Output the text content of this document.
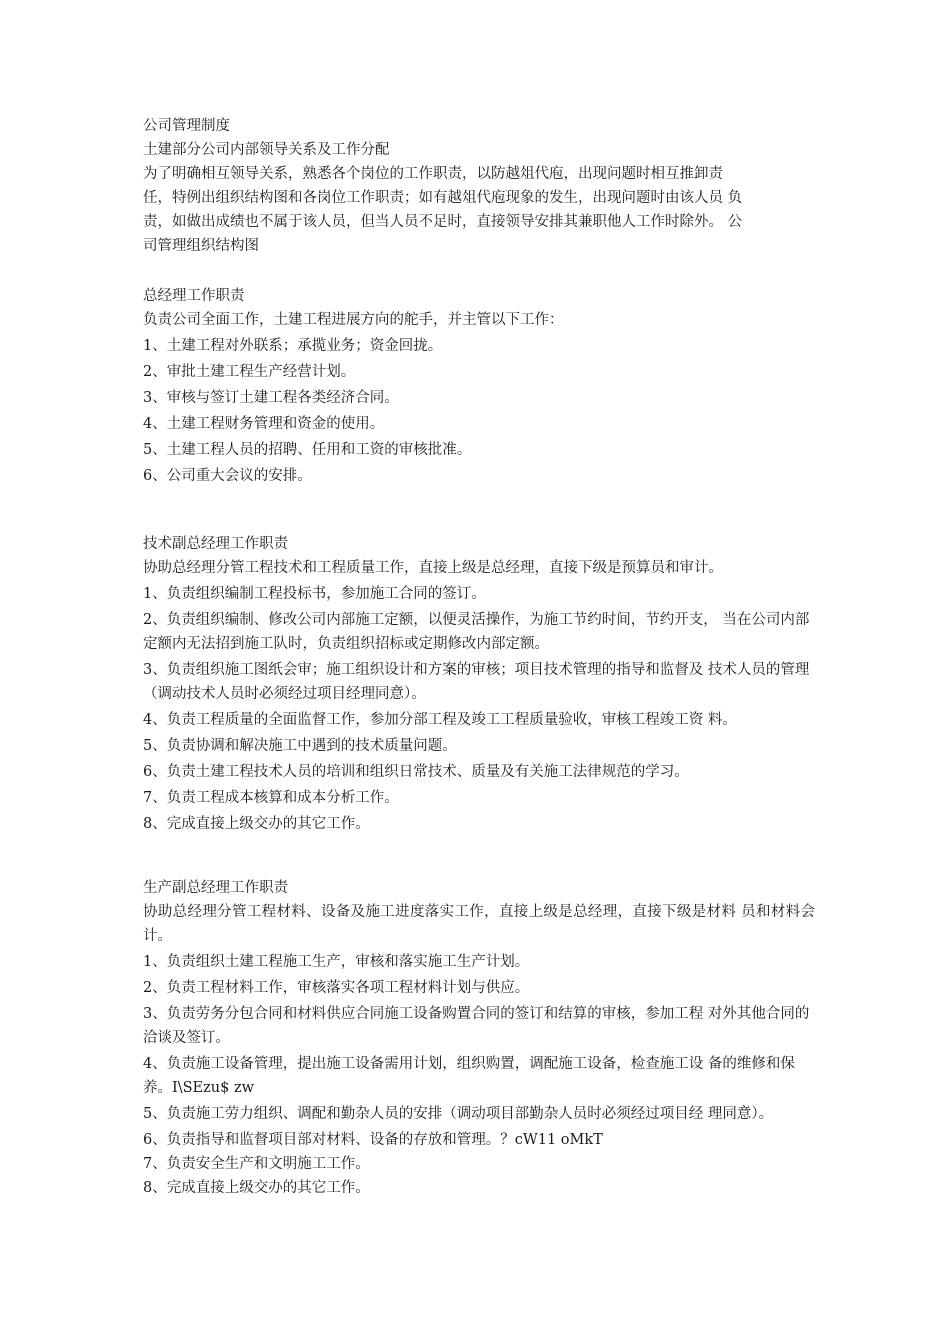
公司管理制度
土建部分公司内部领导关系及工作分配
为了明确相互领导关系，熟悉各个岗位的工作职责，以防越俎代庖，出现问题时相互推卸责
任，特例出组织结构图和各岗位工作职责；如有越俎代庖现象的发生，出现问题时由该人员 负
责，如做出成绩也不属于该人员，但当人员不足时，直接领导安排其兼职他人工作时除外。 公
司管理组织结构图
总经理工作职责
负责公司全面工作，土建工程进展方向的舵手，并主管以下工作：
1、土建工程对外联系；承揽业务；资金回拢。
2、审批土建工程生产经营计划。
3、审核与签订土建工程各类经济合同。
4、土建工程财务管理和资金的使用。
5、土建工程人员的招聘、任用和工资的审核批准。
6、公司重大会议的安排。
技术副总经理工作职责
协助总经理分管工程技术和工程质量工作，直接上级是总经理，直接下级是预算员和审计。
1、负责组织编制工程投标书，参加施工合同的签订。
2、负责组织编制、修改公司内部施工定额，以便灵活操作，为施工节约时间，节约开支， 当在公司内部定额内无法招到施工队时，负责组织招标或定期修改内部定额。
3、负责组织施工图纸会审；施工组织设计和方案的审核；项目技术管理的指导和监督及 技术人员的管理（调动技术人员时必须经过项目经理同意）。
4、负责工程质量的全面监督工作，参加分部工程及竣工工程质量验收，审核工程竣工资 料。
5、负责协调和解决施工中遇到的技术质量问题。
6、负责土建工程技术人员的培训和组织日常技术、质量及有关施工法律规范的学习。
7、负责工程成本核算和成本分析工作。
8、完成直接上级交办的其它工作。
生产副总经理工作职责
协助总经理分管工程材料、设备及施工进度落实工作，直接上级是总经理，直接下级是材料 员和材料会计。
1、负责组织土建工程施工生产，审核和落实施工生产计划。
2、负责工程材料工作，审核落实各项工程材料计划与供应。
3、负责劳务分包合同和材料供应合同施工设备购置合同的签订和结算的审核，参加工程 对外其他合同的洽谈及签订。
4、负责施工设备管理，提出施工设备需用计划，组织购置，调配施工设备，检查施工设 备的维修和保养。I\SEzu$ zw
5、负责施工劳力组织、调配和勤杂人员的安排（调动项目部勤杂人员时必须经过项目经 理同意）。
6、负责指导和监督项目部对材料、设备的存放和管理。？cW11 oMkT
7、负责安全生产和文明施工工作。
8、完成直接上级交办的其它工作。
